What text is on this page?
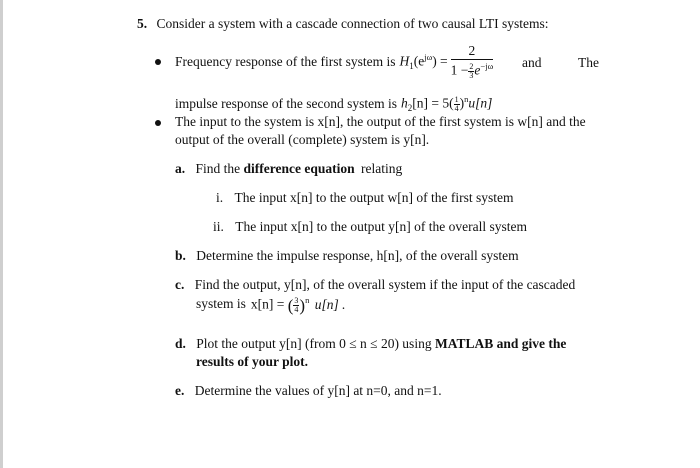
5. Consider a system with a cascade connection of two causal LTI systems:
Frequency response of the first system is $H_1(e^{j\omega}) = \frac{2}{1 - \frac{2}{3} e^{-j\omega}}$ and	The
impulse response of the second system is $h_2[n] = 5( \frac{1}{4} )^nu[n]$
The input to the system is x[n], the output of the first system is w[n] and the
output of the overall (complete) system is y[n].
a. Find the difference equation relating
i. The input x[n] to the output w[n] of the first system
ii. The input x[n] to the output y[n] of the overall system
b. Determine the impulse response, h[n], of the overall system
c. Find the output, y[n], of the overall system if the input of the cascaded
system is x[n] = ( $\frac{3}{4} )^n$ u[n] .
d. Plot the output y[n] (from 0 ≤ n ≤ 20) using MATLAB and give the
results of your plot.
e. Determine the values of y[n] at n=0, and n=1.
